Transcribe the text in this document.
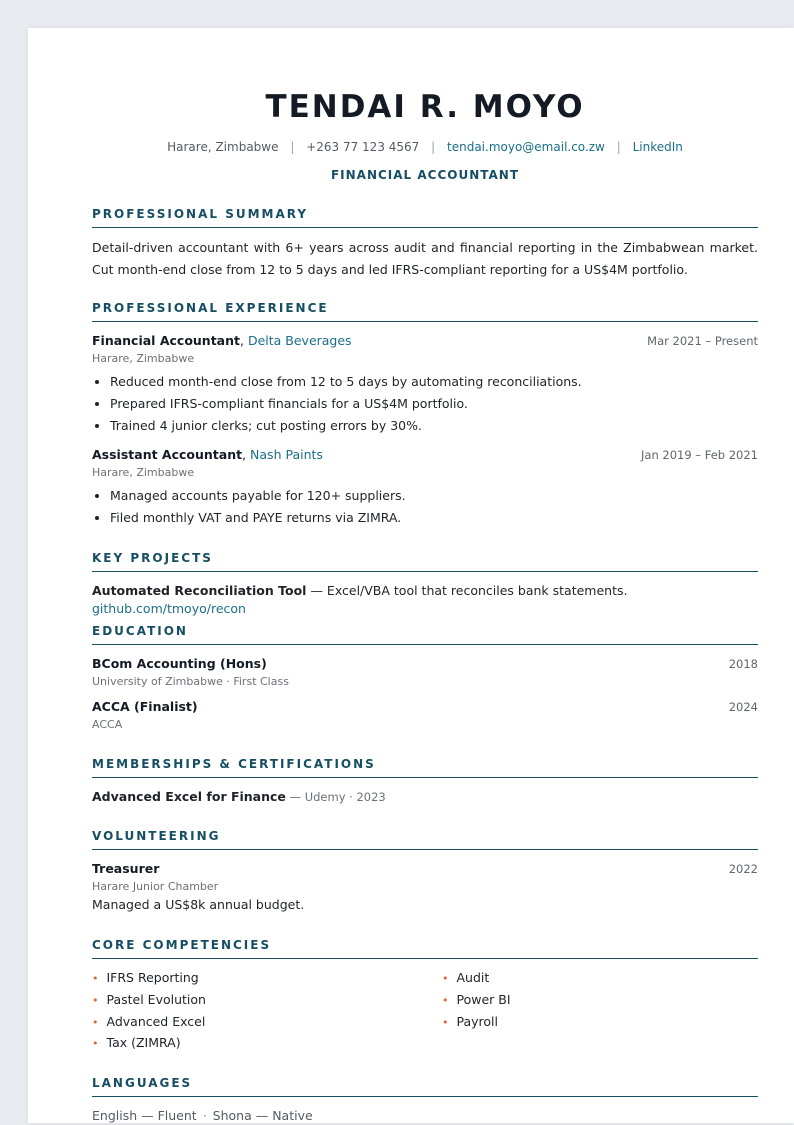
TENDAI R. MOYO
Harare, Zimbabwe | +263 77 123 4567 | tendai.moyo@email.co.zw | LinkedIn
FINANCIAL ACCOUNTANT
PROFESSIONAL SUMMARY
Detail-driven accountant with 6+ years across audit and financial reporting in the Zimbabwean market. Cut month-end close from 12 to 5 days and led IFRS-compliant reporting for a US$4M portfolio.
PROFESSIONAL EXPERIENCE
Financial Accountant, Delta Beverages	Mar 2021 – Present
Harare, Zimbabwe
• Reduced month-end close from 12 to 5 days by automating reconciliations.
• Prepared IFRS-compliant financials for a US$4M portfolio.
• Trained 4 junior clerks; cut posting errors by 30%.
Assistant Accountant, Nash Paints	Jan 2019 – Feb 2021
Harare, Zimbabwe
• Managed accounts payable for 120+ suppliers.
• Filed monthly VAT and PAYE returns via ZIMRA.
KEY PROJECTS
Automated Reconciliation Tool — Excel/VBA tool that reconciles bank statements. github.com/tmoyo/recon
EDUCATION
BCom Accounting (Hons)	2018
University of Zimbabwe · First Class
ACCA (Finalist)	2024
ACCA
MEMBERSHIPS & CERTIFICATIONS
Advanced Excel for Finance — Udemy · 2023
VOLUNTEERING
Treasurer	2022
Harare Junior Chamber
Managed a US$8k annual budget.
CORE COMPETENCIES
• IFRS Reporting	• Audit
• Pastel Evolution	• Power BI
• Advanced Excel	• Payroll
• Tax (ZIMRA)
LANGUAGES
English — Fluent · Shona — Native
